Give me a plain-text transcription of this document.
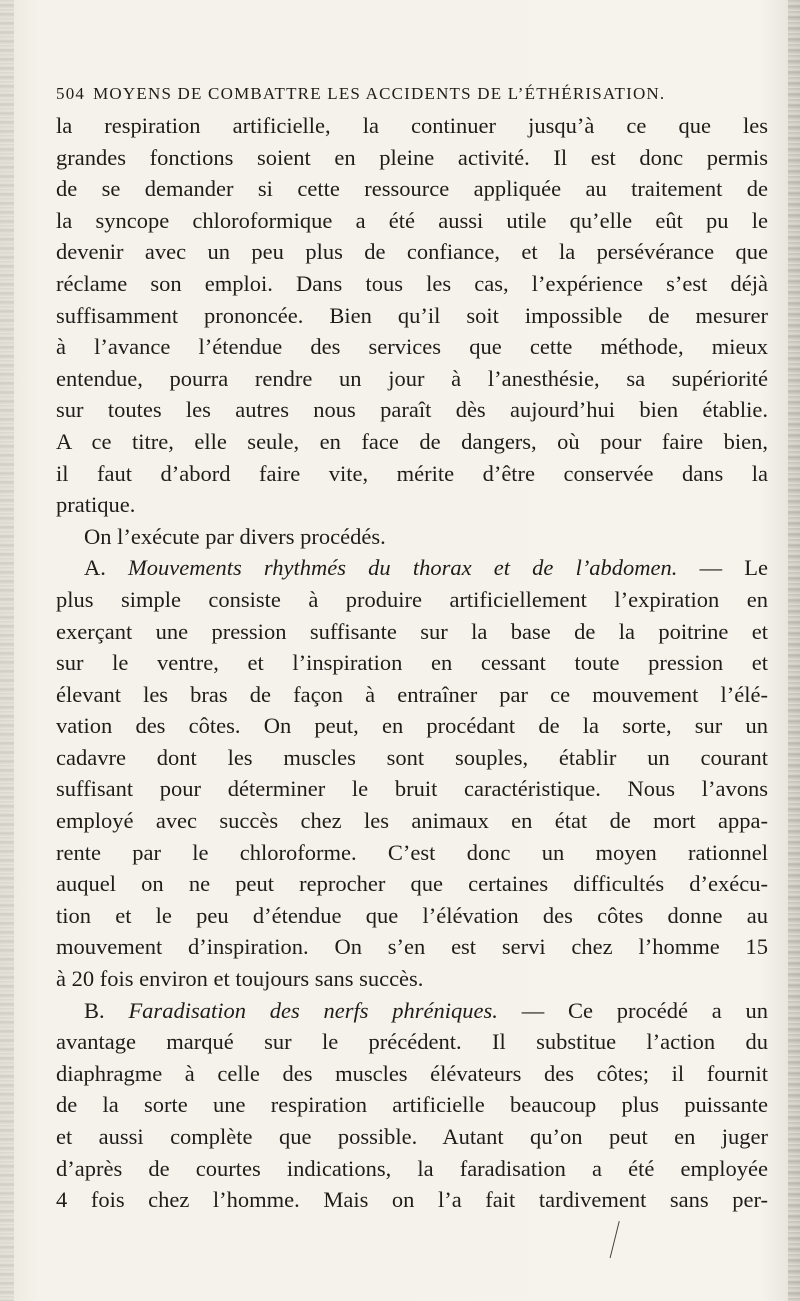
504 MOYENS DE COMBATTRE LES ACCIDENTS DE L’ÉTHÉRISATION.
la respiration artificielle, la continuer jusqu’à ce que les
grandes fonctions soient en pleine activité. Il est donc permis
de se demander si cette ressource appliquée au traitement de
la syncope chloroformique a été aussi utile qu’elle eût pu le
devenir avec un peu plus de confiance, et la persévérance que
réclame son emploi. Dans tous les cas, l’expérience s’est déjà
suffisamment prononcée. Bien qu’il soit impossible de mesurer
à l’avance l’étendue des services que cette méthode, mieux
entendue, pourra rendre un jour à l’anesthésie, sa supériorité
sur toutes les autres nous paraît dès aujourd’hui bien établie.
A ce titre, elle seule, en face de dangers, où pour faire bien,
il faut d’abord faire vite, mérite d’être conservée dans la
pratique.
On l’exécute par divers procédés.
A. Mouvements rhythmés du thorax et de l’abdomen. — Le
plus simple consiste à produire artificiellement l’expiration en
exerçant une pression suffisante sur la base de la poitrine et
sur le ventre, et l’inspiration en cessant toute pression et
élevant les bras de façon à entraîner par ce mouvement l’élé-
vation des côtes. On peut, en procédant de la sorte, sur un
cadavre dont les muscles sont souples, établir un courant
suffisant pour déterminer le bruit caractéristique. Nous l’avons
employé avec succès chez les animaux en état de mort appa-
rente par le chloroforme. C’est donc un moyen rationnel
auquel on ne peut reprocher que certaines difficultés d’exécu-
tion et le peu d’étendue que l’élévation des côtes donne au
mouvement d’inspiration. On s’en est servi chez l’homme 15
à 20 fois environ et toujours sans succès.
B. Faradisation des nerfs phréniques. — Ce procédé a un
avantage marqué sur le précédent. Il substitue l’action du
diaphragme à celle des muscles élévateurs des côtes; il fournit
de la sorte une respiration artificielle beaucoup plus puissante
et aussi complète que possible. Autant qu’on peut en juger
d’après de courtes indications, la faradisation a été employée
4 fois chez l’homme. Mais on l’a fait tardivement sans per-
